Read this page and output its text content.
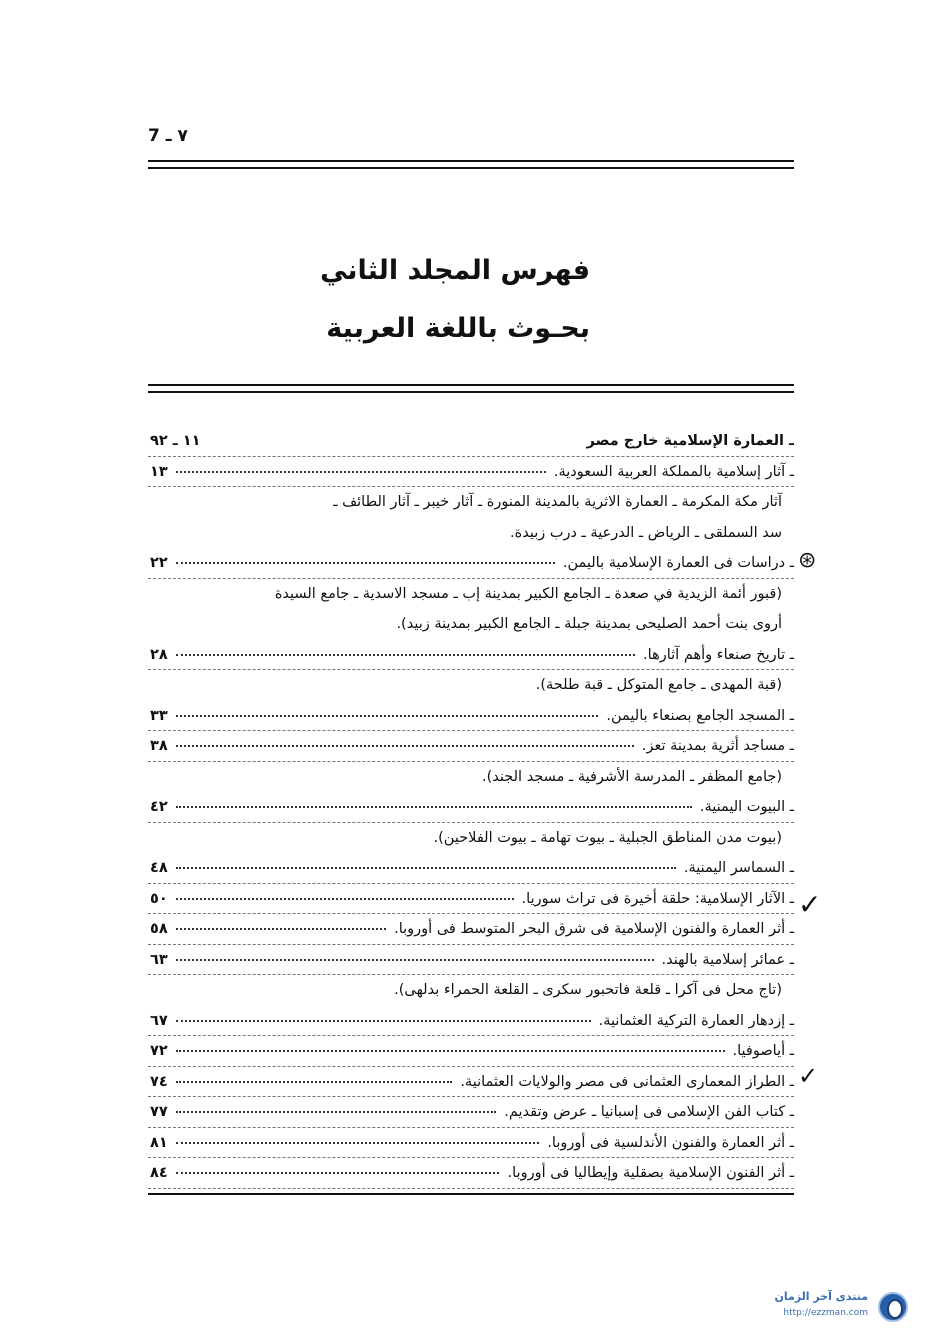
٧ ـ 7
فهرس المجلد الثاني
بحـوث باللغة العربية
ـ العمارة الإسلامية خارج مصر
١١ ـ ٩٢
ـ آثار إسلامية بالمملكة العربية السعودية.
١٣
آثار مكة المكرمة ـ العمارة الاثرية بالمدينة المنورة ـ آثار خيبر ـ آثار الطائف ـ
سد السملقى ـ الرياض ـ الدرعية ـ درب زبيدة.
ـ دراسات فى العمارة الإسلامية باليمن.
٢٢
(قبور أئمة الزيدية في صعدة ـ الجامع الكبير بمدينة إب ـ مسجد الاسدية ـ جامع السيدة
أروى بنت أحمد الصليحى بمدينة جبلة ـ الجامع الكبير بمدينة زبيد).
ـ تاريخ صنعاء وأهم آثارها.
٢٨
(قبة المهدى ـ جامع المتوكل ـ قبة طلحة).
ـ المسجد الجامع بصنعاء باليمن.
٣٣
ـ مساجد أثرية بمدينة تعز.
٣٨
(جامع المظفر ـ المدرسة الأشرفية ـ مسجد الجند).
ـ البيوت اليمنية.
٤٢
(بيوت مدن المناطق الجبلية ـ بيوت تهامة ـ بيوت الفلاحين).
ـ السماسر اليمنية.
٤٨
ـ الآثار الإسلامية: حلقة أخيرة فى تراث سوريا.
٥٠
ـ أثر العمارة والفنون الإسلامية فى شرق البحر المتوسط فى أوروبا.
٥٨
ـ عمائر إسلامية بالهند.
٦٣
(تاج محل فى آكرا ـ قلعة فاتحبور سكرى ـ القلعة الحمراء بدلهى).
ـ إزدهار العمارة التركية العثمانية.
٦٧
ـ أياصوفيا.
٧٢
ـ الطراز المعمارى العثمانى فى مصر والولايات العثمانية.
٧٤
ـ كتاب الفن الإسلامى فى إسبانيا ـ عرض وتقديم.
٧٧
ـ أثر العمارة والفنون الأندلسية فى أوروبا.
٨١
ـ أثر الفنون الإسلامية بصقلية وإيطاليا فى أوروبا.
٨٤
⊛
✓
✓
منتدى آخر الزمان
http://ezzman.com
